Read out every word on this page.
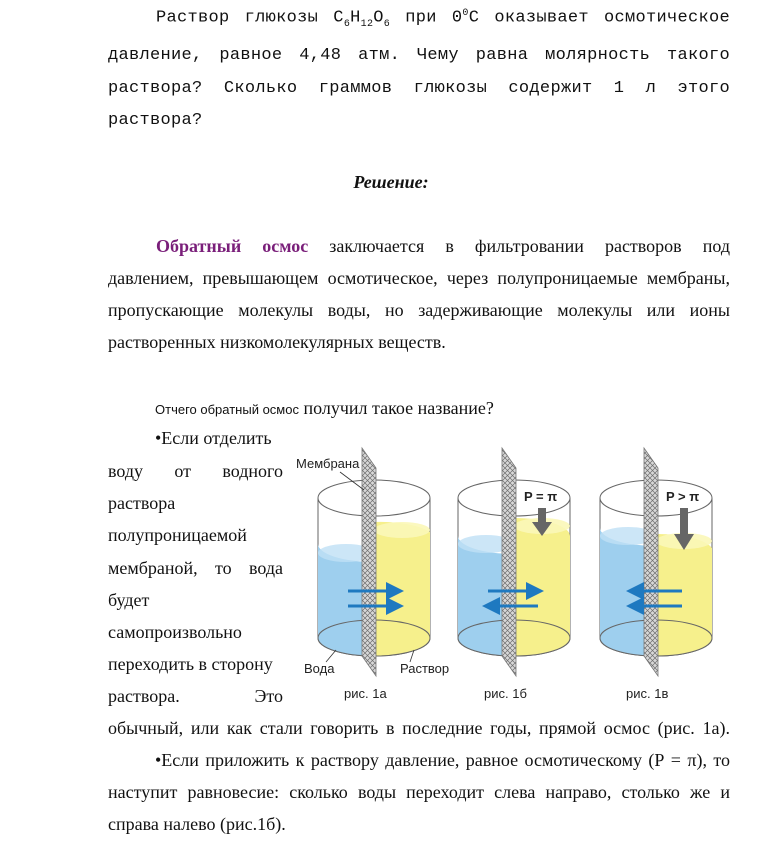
Раствор глюкозы $C_6H_{12}O_6$ при $0^0С$ оказывает осмотическое
давление, равное 4,48 атм. Чему равна молярность такого
раствора? Сколько граммов глюкозы содержит 1 л этого
раствора?
Решение:
Обратный осмос заключается в фильтровании растворов под
давлением, превышающем осмотическое, через полупроницаемые мембраны,
пропускающие молекулы воды, но задерживающие молекулы или ионы
растворенных низкомолекулярных веществ.
Отчего обратный осмос получил такое название?
•Если отделить
воду от водного
раствора
полупроницаемой
мембраной, то вода
будет
самопроизвольно
переходить в сторону
раствора. Это
Мембрана
Вода	Раствор
рис. 1а
P = π
рис. 1б
P > π
рис. 1в
обычный, или как стали говорить в последние годы, прямой осмос (рис. 1а).
•Если приложить к раствору давление, равное осмотическому (Р = π), то
наступит равновесие: сколько воды переходит слева направо, столько же и
справа налево (рис.1б).
